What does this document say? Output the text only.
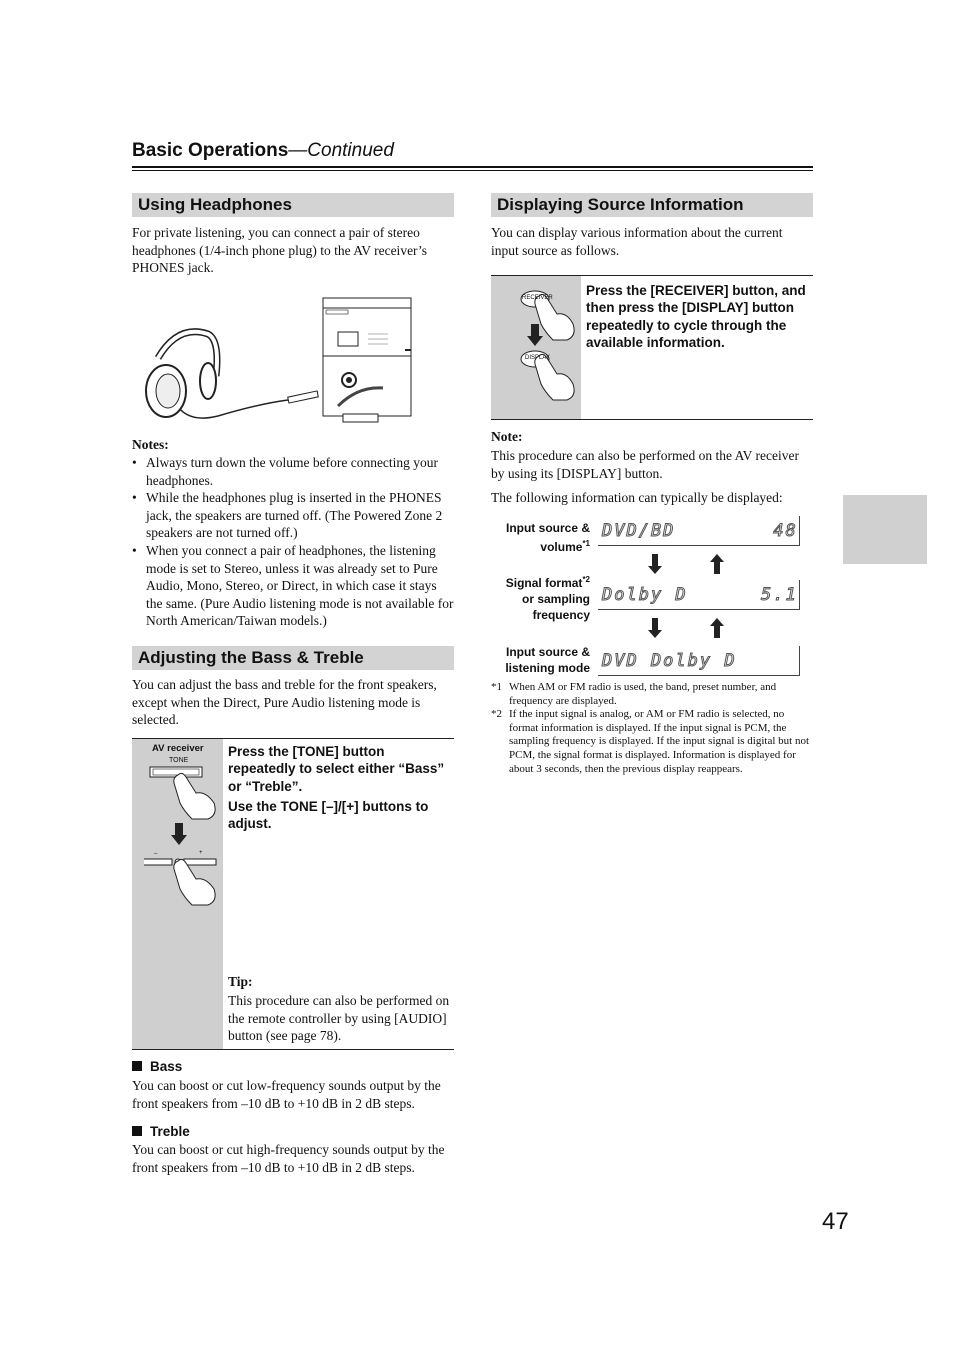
Basic Operations—Continued
Using Headphones
For private listening, you can connect a pair of stereo headphones (1/4-inch phone plug) to the AV receiver’s PHONES jack.
Notes:
• Always turn down the volume before connecting your headphones.
• While the headphones plug is inserted in the PHONES jack, the speakers are turned off. (The Powered Zone 2 speakers are not turned off.)
• When you connect a pair of headphones, the listening mode is set to Stereo, unless it was already set to Pure Audio, Mono, Stereo, or Direct, in which case it stays the same. (Pure Audio listening mode is not available for North American/Taiwan models.)
Adjusting the Bass & Treble
You can adjust the bass and treble for the front speakers, except when the Direct, Pure Audio listening mode is selected.
AV receiver
TONE
–	+
Press the [TONE] button repeatedly to select either “Bass” or “Treble”.
Use the TONE [–]/[+] buttons to adjust.
Tip:
This procedure can also be performed on the remote controller by using [AUDIO] button (see page 78).
Bass
You can boost or cut low-frequency sounds output by the front speakers from –10 dB to +10 dB in 2 dB steps.
Treble
You can boost or cut high-frequency sounds output by the front speakers from –10 dB to +10 dB in 2 dB steps.
Displaying Source Information
You can display various information about the current input source as follows.
RECEIVER
DISPLAY
Press the [RECEIVER] button, and then press the [DISPLAY] button repeatedly to cycle through the available information.
Note:
This procedure can also be performed on the AV receiver by using its [DISPLAY] button.
The following information can typically be displayed:
Input source &
volume$^{*1}$
DVD/BD        48
Signal format$^{*2}$
or sampling
frequency
Dolby D      5.1
Input source &
listening mode DVD Dolby D
*1 When AM or FM radio is used, the band, preset number, and frequency are displayed.
*2 If the input signal is analog, or AM or FM radio is selected, no format information is displayed. If the input signal is PCM, the sampling frequency is displayed. If the input signal is digital but not PCM, the signal format is displayed. Information is displayed for about 3 seconds, then the previous display reappears.
47
